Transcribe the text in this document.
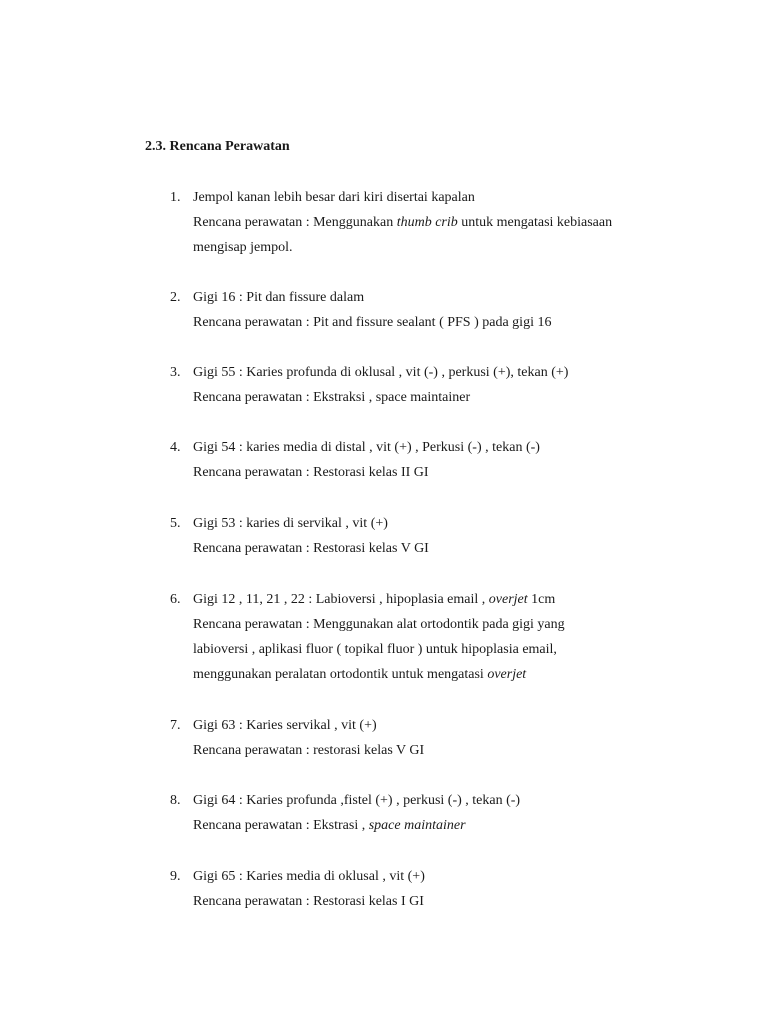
2.3. Rencana Perawatan

1. Jempol kanan lebih besar dari kiri disertai kapalan
Rencana perawatan : Menggunakan thumb crib untuk mengatasi kebiasaan
mengisap jempol.
2. Gigi 16 : Pit dan fissure dalam
Rencana perawatan : Pit and fissure sealant ( PFS ) pada gigi 16
3. Gigi 55 : Karies profunda di oklusal , vit (-) , perkusi (+), tekan (+)
Rencana perawatan : Ekstraksi , space maintainer
4. Gigi 54 : karies media di distal , vit (+) , Perkusi (-) , tekan (-)
Rencana perawatan : Restorasi kelas II GI
5. Gigi 53 : karies di servikal , vit (+)
Rencana perawatan : Restorasi kelas V GI
6. Gigi 12 , 11, 21 , 22 : Labioversi , hipoplasia email , overjet 1cm
Rencana perawatan : Menggunakan alat ortodontik pada gigi yang
labioversi , aplikasi fluor ( topikal fluor ) untuk hipoplasia email,
menggunakan peralatan ortodontik untuk mengatasi overjet
7. Gigi 63 : Karies servikal , vit (+)
Rencana perawatan : restorasi kelas V GI
8. Gigi 64 : Karies profunda ,fistel (+) , perkusi (-) , tekan (-)
Rencana perawatan : Ekstrasi , space maintainer
9. Gigi 65 : Karies media di oklusal , vit (+)
Rencana perawatan : Restorasi kelas I GI
